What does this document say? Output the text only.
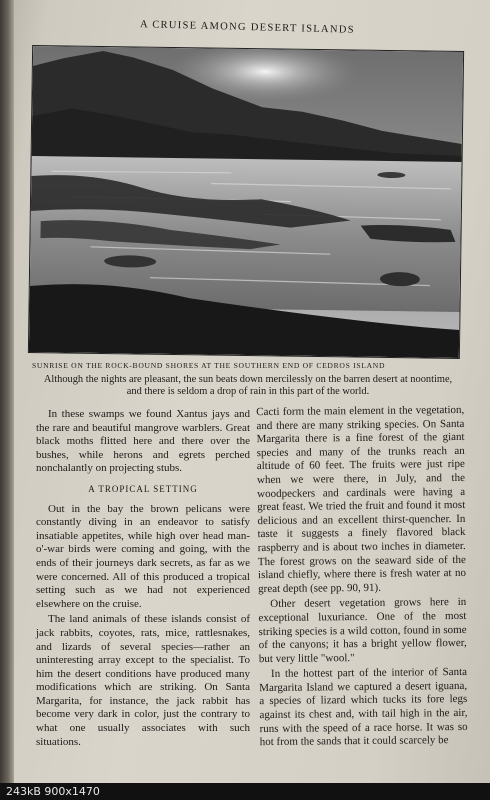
A CRUISE AMONG DESERT ISLANDS
SUNRISE ON THE ROCK-BOUND SHORES AT THE SOUTHERN END OF CEDROS ISLAND
Although the nights are pleasant, the sun beats down mercilessly on the barren desert at noontime, and there is seldom a drop of rain in this part of the world.

In these swamps we found Xantus jays and the rare and beautiful mangrove warblers. Great black moths flitted here and there over the bushes, while herons and egrets perched nonchalantly on projecting stubs.

A TROPICAL SETTING

Out in the bay the brown pelicans were constantly diving in an endeavor to satisfy insatiable appetites, while high over head man-o'-war birds were coming and going, with the ends of their journeys dark secrets, as far as we were concerned. All of this produced a tropical setting such as we had not experienced elsewhere on the cruise.

The land animals of these islands consist of jack rabbits, coyotes, rats, mice, rattlesnakes, and lizards of several species—rather an uninteresting array except to the specialist. To him the desert conditions have produced many modifications which are striking. On Santa Margarita, for instance, the jack rabbit has become very dark in color, just the contrary to what one usually associates with such situations.

Cacti form the main element in the vegetation, and there are many striking species. On Santa Margarita there is a fine forest of the giant species and many of the trunks reach an altitude of 60 feet. The fruits were just ripe when we were there, in July, and the woodpeckers and cardinals were having a great feast. We tried the fruit and found it most delicious and an excellent thirst-quencher. In taste it suggests a finely flavored black raspberry and is about two inches in diameter. The forest grows on the seaward side of the island chiefly, where there is fresh water at no great depth (see pp. 90, 91).

Other desert vegetation grows here in exceptional luxuriance. One of the most striking species is a wild cotton, found in some of the canyons; it has a bright yellow flower, but very little "wool."

In the hottest part of the interior of Santa Margarita Island we captured a desert iguana, a species of lizard which tucks its fore legs against its chest and, with tail high in the air, runs with the speed of a race horse. It was so hot from the sands that it could scarcely be

243kB 900x1470
